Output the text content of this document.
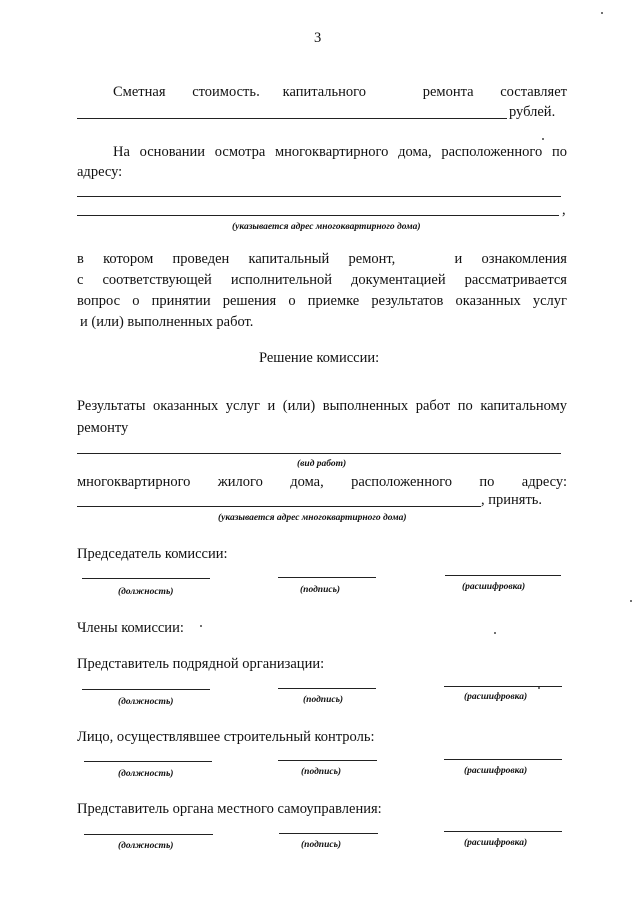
3
Сметная стоимость капитального	ремонта составляет
рублей.
На основании осмотра многоквартирного дома, расположенного по
адресу:
,
(указывается адрес многоквартирного дома)
в котором проведен капитальный ремонт,	и ознакомления
с соответствующей исполнительной документацией рассматривается
вопрос о принятии решения о приемке результатов оказанных услуг
и (или) выполненных работ.
Решение комиссии:
Результаты оказанных услуг и (или) выполненных работ по капитальному
ремонту
(вид работ)
многоквартирного жилого дома, расположенного по адресу:
, принять.
(указывается адрес многоквартирного дома)
Председатель комиссии:
(должность)	(подпись)	(расшифровка)
Члены комиссии:
Представитель подрядной организации:
(должность)	(подпись)	(расшифровка)
Лицо, осуществлявшее строительный контроль:
(должность)	(подпись)	(расшифровка)
Представитель органа местного самоуправления:
(должность)	(подпись)	(расшифровка)
